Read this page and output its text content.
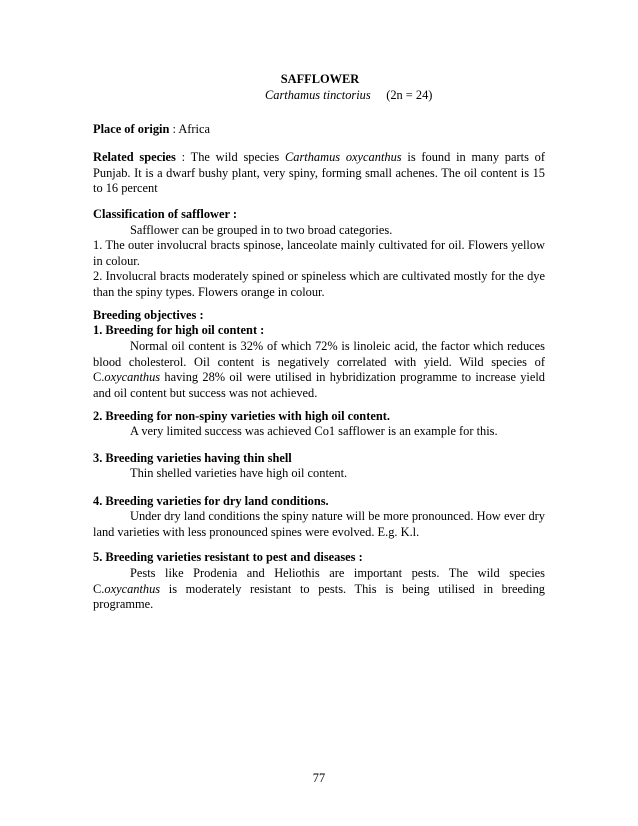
SAFFLOWER
Carthamus tinctorius (2n = 24)

Place of origin : Africa

Related species : The wild species Carthamus oxycanthus is found in many parts of Punjab. It is a dwarf bushy plant, very spiny, forming small achenes. The oil content is 15 to 16 percent

Classification of safflower :

Safflower can be grouped in to two broad categories.

1. The outer involucral bracts spinose, lanceolate mainly cultivated for oil. Flowers yellow in colour.

2. Involucral bracts moderately spined or spineless which are cultivated mostly for the dye than the spiny types. Flowers orange in colour.

Breeding objectives :

1. Breeding for high oil content :

Normal oil content is 32% of which 72% is linoleic acid, the factor which reduces blood cholesterol. Oil content is negatively correlated with yield. Wild species of C.oxycanthus having 28% oil were utilised in hybridization programme to increase yield and oil content but success was not achieved.

2. Breeding for non-spiny varieties with high oil content.

A very limited success was achieved Co1 safflower is an example for this.

3. Breeding varieties having thin shell

Thin shelled varieties have high oil content.

4. Breeding varieties for dry land conditions.

Under dry land conditions the spiny nature will be more pronounced. How ever dry land varieties with less pronounced spines were evolved. E.g. K.l.

5. Breeding varieties resistant to pest and diseases :

Pests like Prodenia and Heliothis are important pests. The wild species C.oxycanthus is moderately resistant to pests. This is being utilised in breeding programme.

77
